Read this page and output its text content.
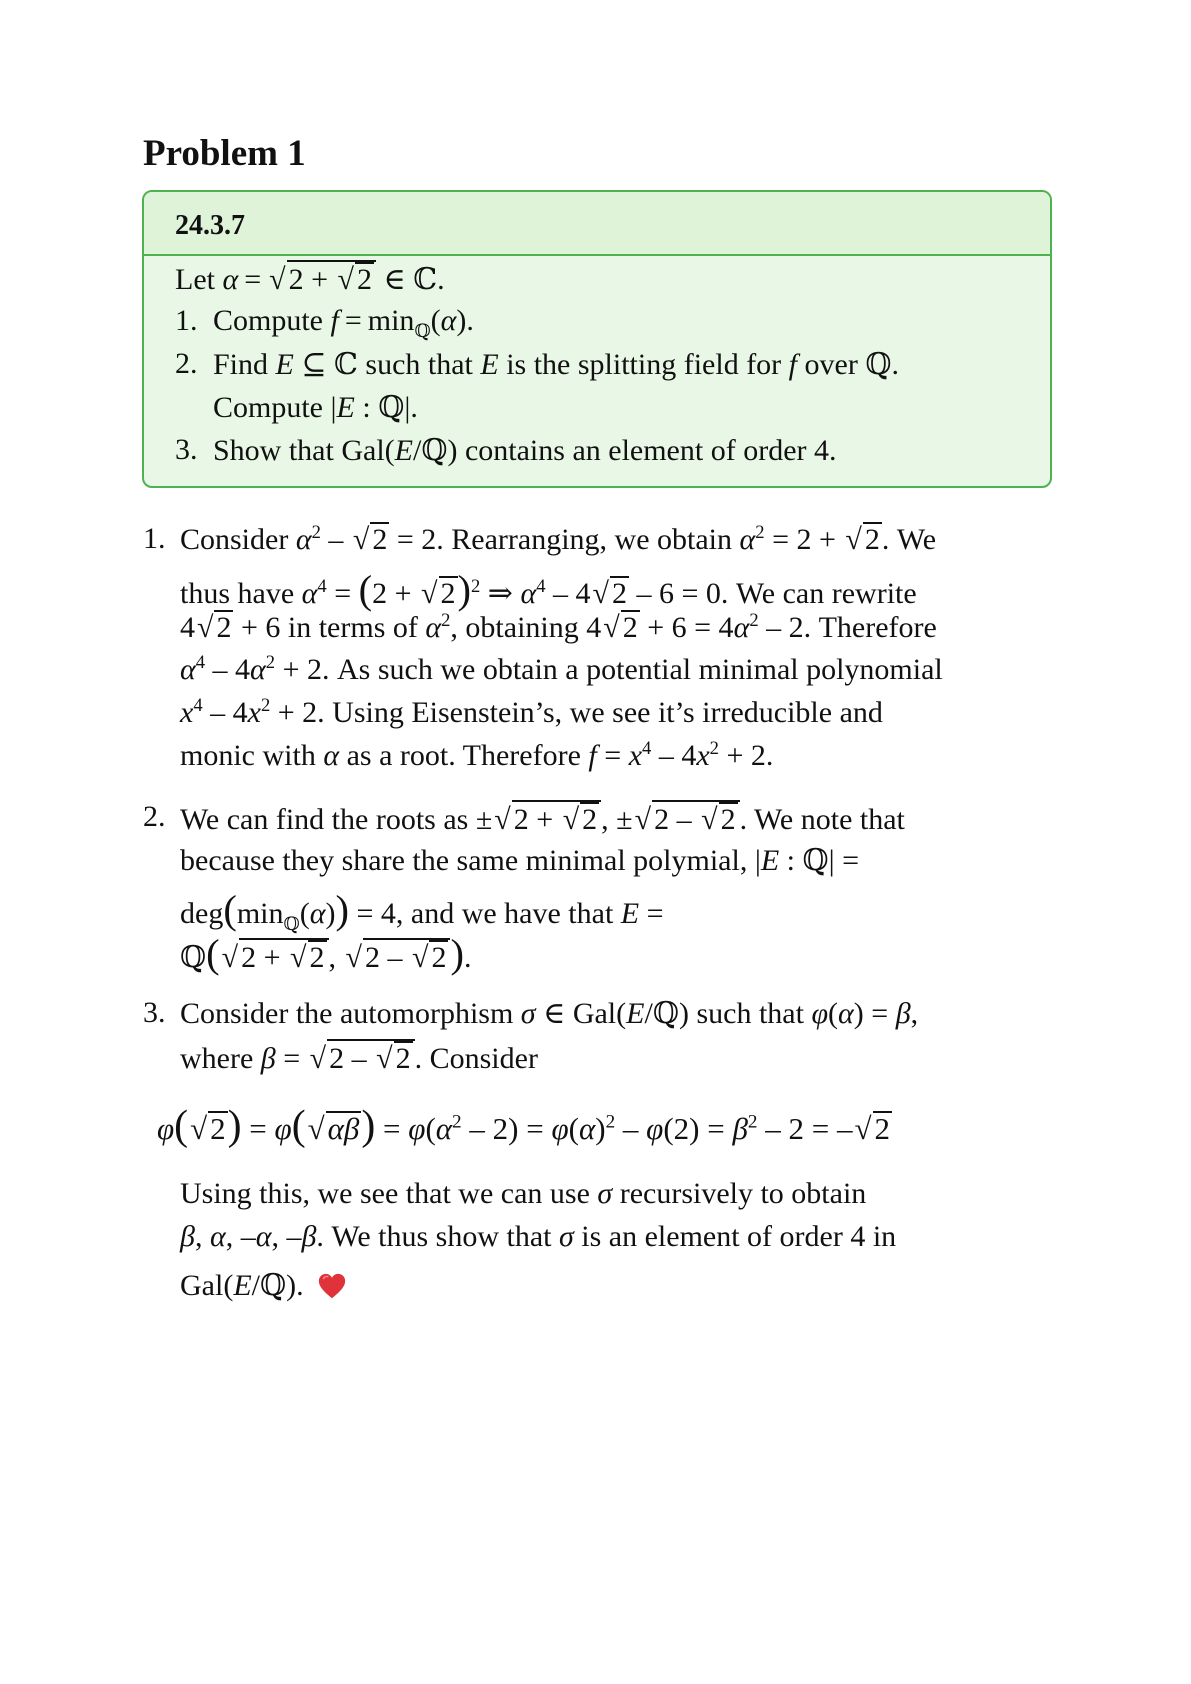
Problem 1
24.3.7
Let α = √ 2 + √ 2 ∈ ℂ.
1. Compute $f = \min_ℚ(\alpha)$.
2. Find E ⊆ ℂ such that E is the splitting field for f over ℚ.
Compute |E : ℚ|.
3. Show that Gal(E/ℚ) contains an element of order 4.
1. Consider $\alpha^2$ – √ 2 = 2. Rearranging, we obtain $\alpha^2 = 2$ + √ 2. We
thus have $\alpha^4 = (2$ + √ 2)$^2$ ⇒ $\alpha^4 - 4√$ 2 – 6 = 0. We can rewrite
4√ 2 + 6 in terms of $\alpha^2$, obtaining 4√ $2 + 6 = 4\alpha^2 - 2$. Therefore
$\alpha^4 - 4\alpha^2 + 2$. As such we obtain a potential minimal polynomial
$x^4 - 4x^2 + 2$. Using Eisenstein’s, we see it’s irreducible and
monic with α as a root. Therefore $f = x^4 - 4x^2 + 2$.
2. We can find the roots as ±√ 2 + √ 2 , ±√ 2 – √ 2 . We note that
because they share the same minimal polymial, |E : ℚ| =
$deg(\min_ℚ(\alpha)) = 4$, and we have that E =
ℚ(√ 2 + √ 2 , √ 2 – √ 2).
3. Consider the automorphism σ ∈ Gal(E/ℚ) such that φ(α) = β,
where β = √ 2 – √ 2 . Consider
$\varphi(√2) = \varphi(√\alpha\beta) = \varphi(\alpha^2 - 2) = \varphi(\alpha)^2 - \varphi(2) = \beta^2 - 2 = -√2$
Using this, we see that we can use σ recursively to obtain
β, α, –α, –β. We thus show that σ is an element of order 4 in
Gal(E/ℚ).
